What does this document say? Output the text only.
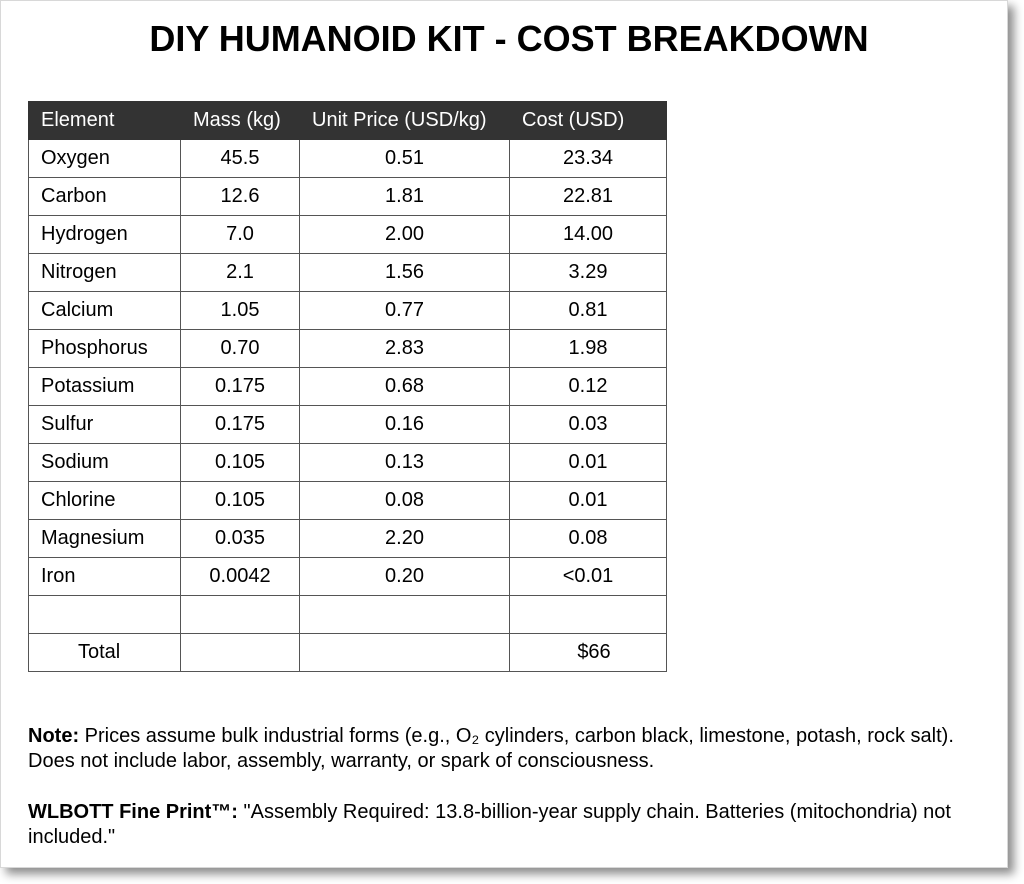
DIY HUMANOID KIT - COST BREAKDOWN
Element	Mass (kg)	Unit Price (USD/kg)	Cost (USD)
Oxygen	45.5	0.51	23.34
Carbon	12.6	1.81	22.81
Hydrogen	7.0	2.00	14.00
Nitrogen	2.1	1.56	3.29
Calcium	1.05	0.77	0.81
Phosphorus	0.70	2.83	1.98
Potassium	0.175	0.68	0.12
Sulfur	0.175	0.16	0.03
Sodium	0.105	0.13	0.01
Chlorine	0.105	0.08	0.01
Magnesium	0.035	2.20	0.08
Iron	0.0042	0.20	<0.01

Total			$66

Note: Prices assume bulk industrial forms (e.g., O₂ cylinders, carbon black, limestone, potash, rock salt). Does not include labor, assembly, warranty, or spark of consciousness.

WLBOTT Fine Print™: "Assembly Required: 13.8-billion-year supply chain. Batteries (mitochondria) not included."
